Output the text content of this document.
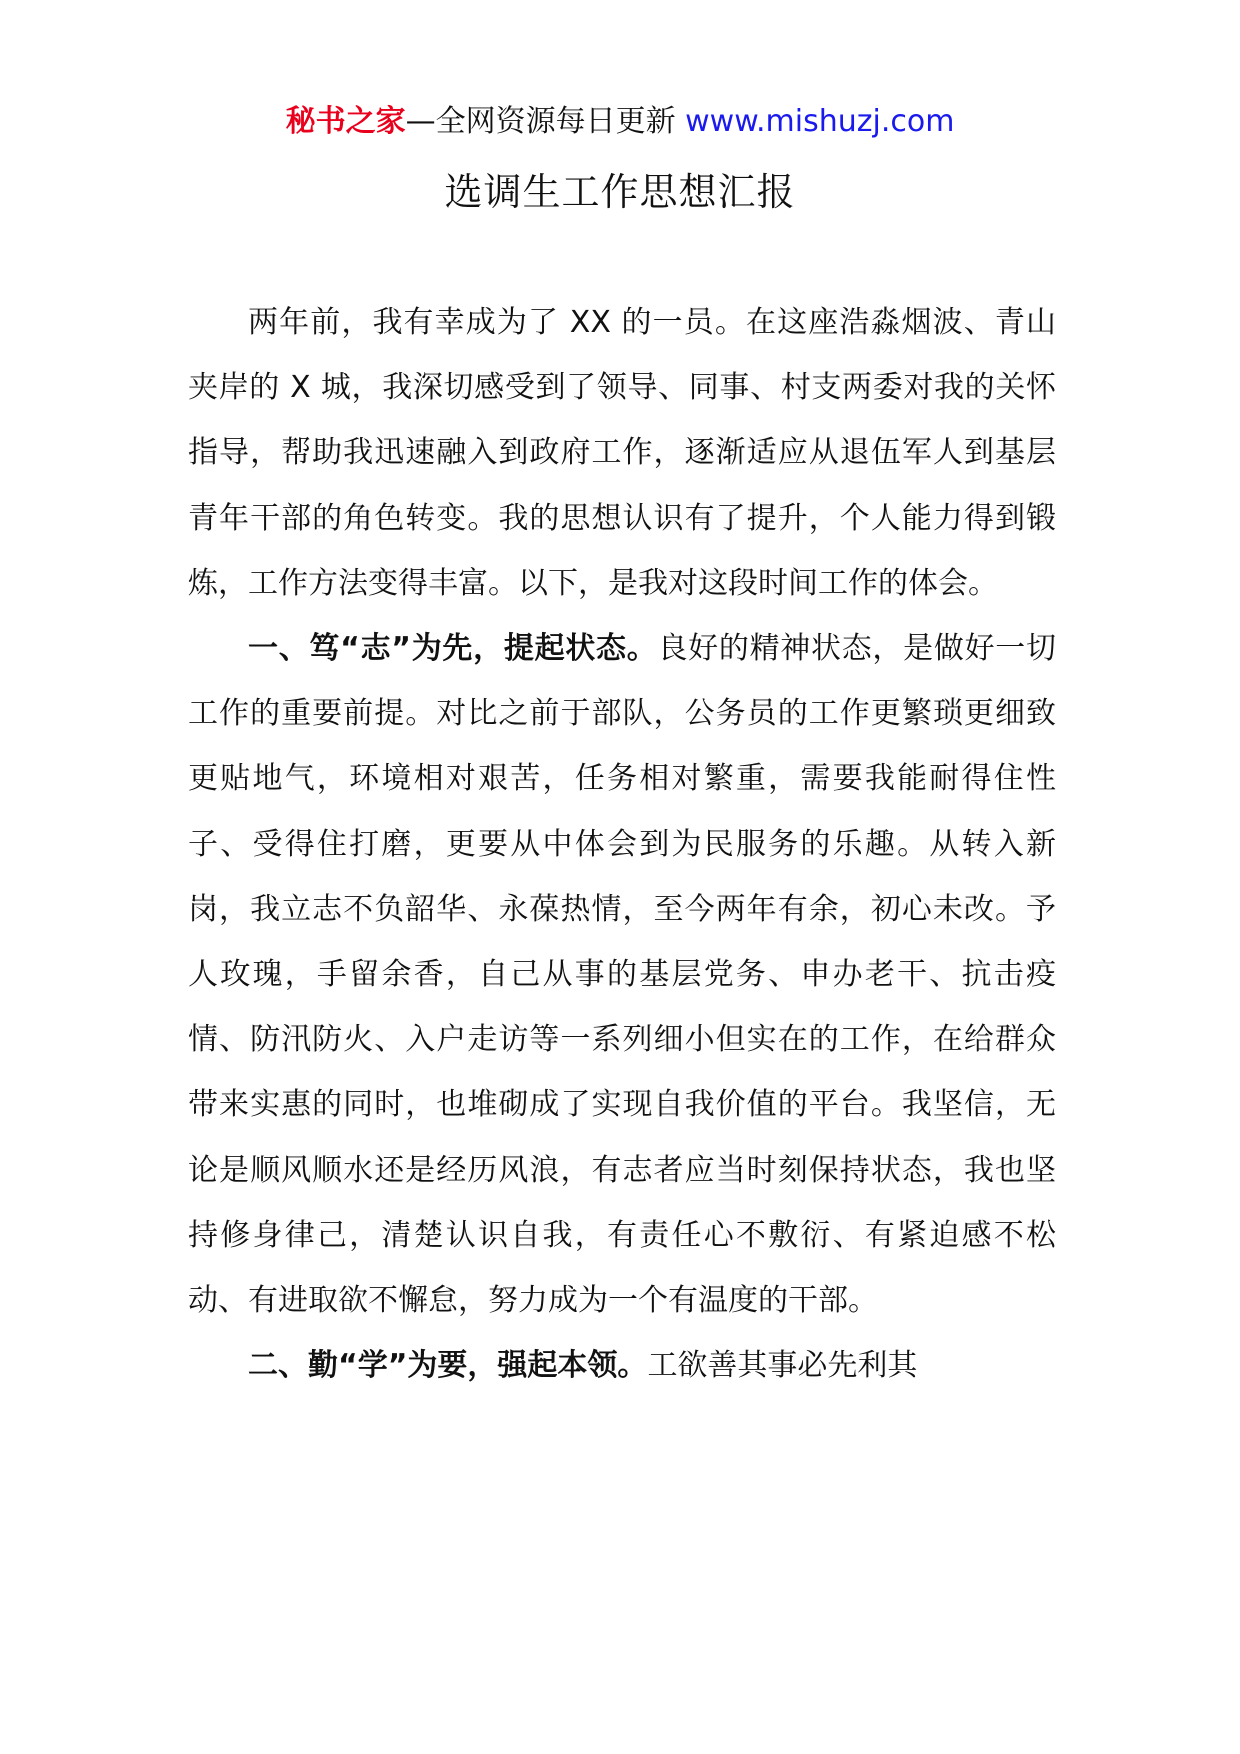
秘书之家—全网资源每日更新 www.mishuzj.com
选调生工作思想汇报

两年前，我有幸成为了 XX 的一员。在这座浩淼烟波、青山夹岸的 X 城，我深切感受到了领导、同事、村支两委对我的关怀指导，帮助我迅速融入到政府工作，逐渐适应从退伍军人到基层青年干部的角色转变。我的思想认识有了提升，个人能力得到锻炼，工作方法变得丰富。以下，是我对这段时间工作的体会。

一、笃“志”为先，提起状态。良好的精神状态，是做好一切工作的重要前提。对比之前于部队，公务员的工作更繁琐更细致更贴地气，环境相对艰苦，任务相对繁重，需要我能耐得住性子、受得住打磨，更要从中体会到为民服务的乐趣。从转入新岗，我立志不负韶华、永葆热情，至今两年有余，初心未改。予人玫瑰，手留余香，自己从事的基层党务、申办老干、抗击疫情、防汛防火、入户走访等一系列细小但实在的工作，在给群众带来实惠的同时，也堆砌成了实现自我价值的平台。我坚信，无论是顺风顺水还是经历风浪，有志者应当时刻保持状态，我也坚持修身律己，清楚认识自我，有责任心不敷衍、有紧迫感不松动、有进取欲不懈怠，努力成为一个有温度的干部。

二、勤“学”为要，强起本领。工欲善其事必先利其
